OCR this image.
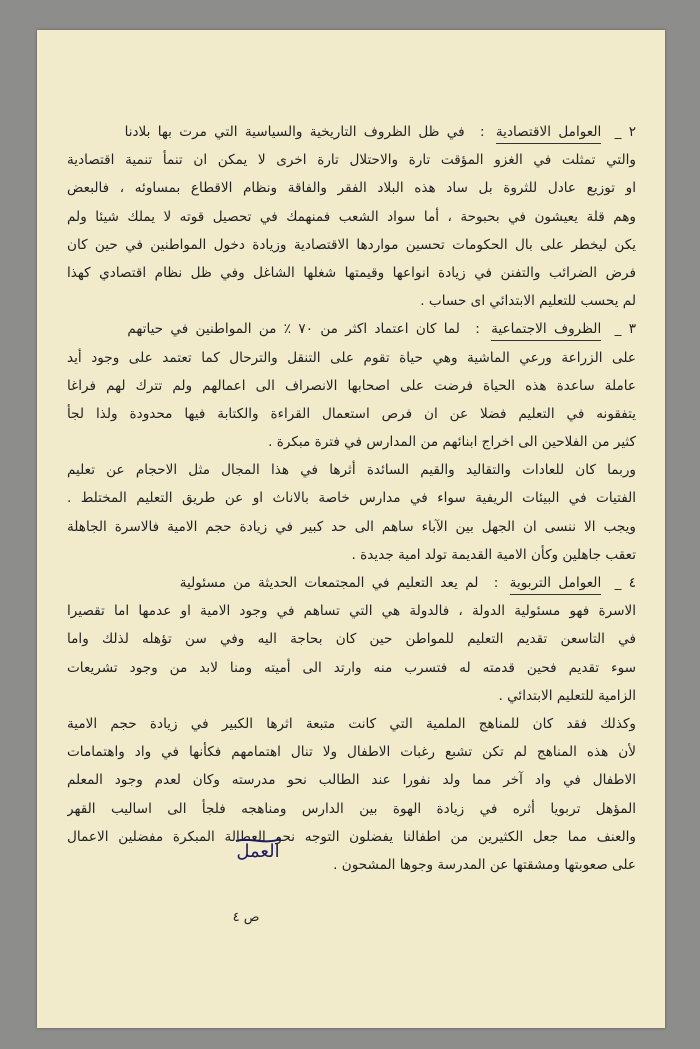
٢ _ العوامل الاقتصادية : في ظل الظروف التاريخية والسياسية التي مرت بها بلادنا
والتي تمثلت في الغزو المؤقت تارة والاحتلال تارة اخرى لا يمكن ان تنمأ تنمية اقتصادية
او توزيع عادل للثروة بل ساد هذه البلاد الفقر والفاقة ونظام الاقطاع بمساوئه ، فالبعض
وهم قلة يعيشون في بحبوحة ، أما سواد الشعب فمنهمك في تحصيل قوته لا يملك شيئا ولم
يكن ليخطر على بال الحكومات تحسين مواردها الاقتصادية وزيادة دخول المواطنين في حين كان
فرض الضرائب والتفنن في زيادة انواعها وقيمتها شغلها الشاغل وفي ظل نظام اقتصادي كهذا
لم يحسب للتعليم الابتدائي اى حساب .
٣ _ الظروف الاجتماعية : لما كان اعتماد اكثر من ٧٠ ٪ من المواطنين في حياتهم
على الزراعة ورعي الماشية وهي حياة تقوم على التنقل والترحال كما تعتمد على وجود أيد
عاملة ساعدة هذه الحياة فرضت على اصحابها الانصراف الى اعمالهم ولم تترك لهم فراغا
يتفقونه في التعليم فضلا عن ان فرص استعمال القراءة والكتابة فيها محدودة ولذا لجأ
كثير من الفلاحين الى اخراج ابنائهم من المدارس في فترة مبكرة .
وربما كان للعادات والتقاليد والقيم السائدة أثرها في هذا المجال مثل الاحجام عن تعليم
الفتيات في البيئات الريفية سواء في مدارس خاصة بالاناث او عن طريق التعليم المختلط .
ويجب الا ننسى ان الجهل بين الآباء ساهم الى حد كبير في زيادة حجم الامية فالاسرة الجاهلة
تعقب جاهلين وكأن الامية القديمة تولد امية جديدة .
٤ _ العوامل التربوية : لم يعد التعليم في المجتمعات الحديثة من مسئولية
الاسرة فهو مسئولية الدولة ، فالدولة هي التي تساهم في وجود الامية او عدمها اما تقصيرا
في التاسعن تقديم التعليم للمواطن حين كان بحاجة اليه وفي سن تؤهله لذلك واما
سوء تقديم فحين قدمته له فتسرب منه وارتد الى أميته ومنا لابد من وجود تشريعات
الزامية للتعليم الابتدائي .
وكذلك فقد كان للمناهج الملمية التي كانت متبعة اثرها الكبير في زيادة حجم الامية
لأن هذه المناهج لم تكن تشبع رغبات الاطفال ولا تنال اهتمامهم فكأنها في واد واهتمامات
الاطفال في واد آخر مما ولد نفورا عند الطالب نحو مدرسته وكان لعدم وجود المعلم
المؤهل تربويا أثره في زيادة الهوة بين الدارس ومناهجه فلجأ الى اساليب القهر
والعنف مما جعل الكثيرين من اطفالنا يفضلون التوجه نحو العطالة المبكرة مفضلين الاعمال
على صعوبتها ومشقتها عن المدرسة وجوها المشحون .
العمل
ص ٤
